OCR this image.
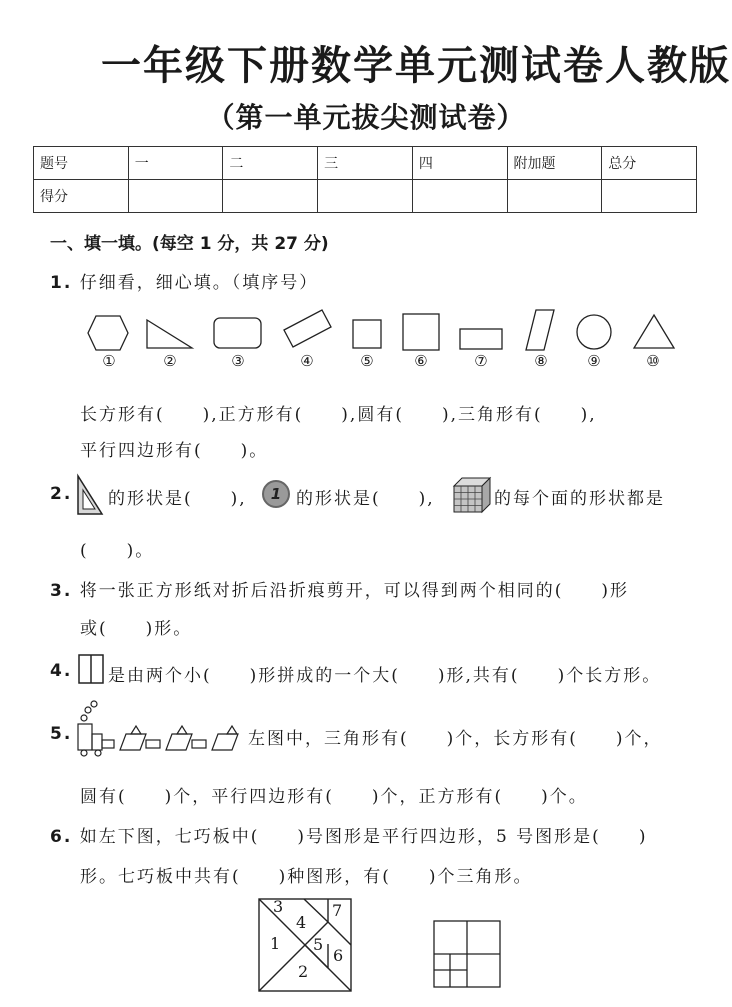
一年级下册数学单元测试卷人教版
（第一单元拔尖测试卷）
题号	一	二	三	四	附加题	总分
得分						
一、填一填。(每空 1 分，共 27 分)
1. 仔细看，细心填。（填序号）
①	②	③	④	⑤	⑥	⑦	⑧	⑨	⑩
长方形有(　　),正方形有(　　),圆有(　　),三角形有(　　),
平行四边形有(　　)。
2. 的形状是(　　),	1 的形状是(　　),	的每个面的形状都是
(　　)。
3. 将一张正方形纸对折后沿折痕剪开，可以得到两个相同的(　　)形
或(　　)形。
4. 是由两个小(　　)形拼成的一个大(　　)形,共有(　　)个长方形。
5.	左图中，三角形有(　　)个，长方形有(　　)个，
圆有(　　)个，平行四边形有(　　)个，正方形有(　　)个。
6. 如左下图，七巧板中(　　)号图形是平行四边形，5 号图形是(　　)
形。七巧板中共有(　　)种图形，有(　　)个三角形。
3
4
7
1 5
6
2
